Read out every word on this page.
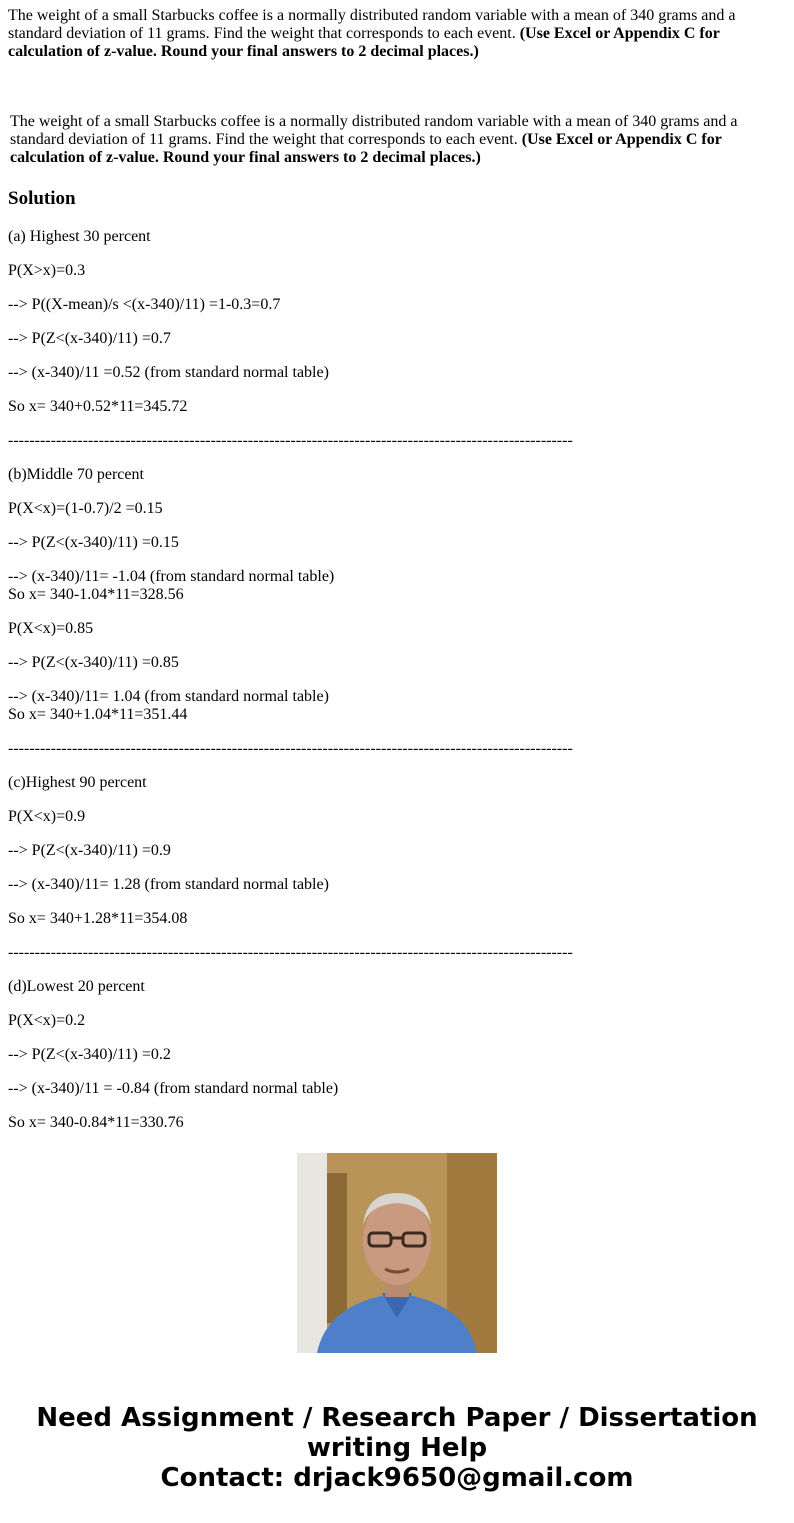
The weight of a small Starbucks coffee is a normally distributed random variable with a mean of 340 grams and a standard deviation of 11 grams. Find the weight that corresponds to each event. (Use Excel or Appendix C for calculation of z-value. Round your final answers to 2 decimal places.)
The weight of a small Starbucks coffee is a normally distributed random variable with a mean of 340 grams and a standard deviation of 11 grams. Find the weight that corresponds to each event. (Use Excel or Appendix C for calculation of z-value. Round your final answers to 2 decimal places.)
Solution

(a) Highest 30 percent

P(X>x)=0.3

--> P((X-mean)/s <(x-340)/11) =1-0.3=0.7

--> P(Z<(x-340)/11) =0.7

--> (x-340)/11 =0.52 (from standard normal table)

So x= 340+0.52*11=345.72

----------------------------------------------------------------------------------------------------------

(b)Middle 70 percent

P(X<x)=(1-0.7)/2 =0.15

--> P(Z<(x-340)/11) =0.15

--> (x-340)/11= -1.04 (from standard normal table)

So x= 340-1.04*11=328.56

P(X<x)=0.85

--> P(Z<(x-340)/11) =0.85

--> (x-340)/11= 1.04 (from standard normal table)

So x= 340+1.04*11=351.44

----------------------------------------------------------------------------------------------------------

(c)Highest 90 percent

P(X<x)=0.9

--> P(Z<(x-340)/11) =0.9

--> (x-340)/11= 1.28 (from standard normal table)

So x= 340+1.28*11=354.08

----------------------------------------------------------------------------------------------------------

(d)Lowest 20 percent

P(X<x)=0.2

--> P(Z<(x-340)/11) =0.2

--> (x-340)/11 = -0.84 (from standard normal table)

So x= 340-0.84*11=330.76

Need Assignment / Research Paper / Dissertation
writing Help
Contact: drjack9650@gmail.com
